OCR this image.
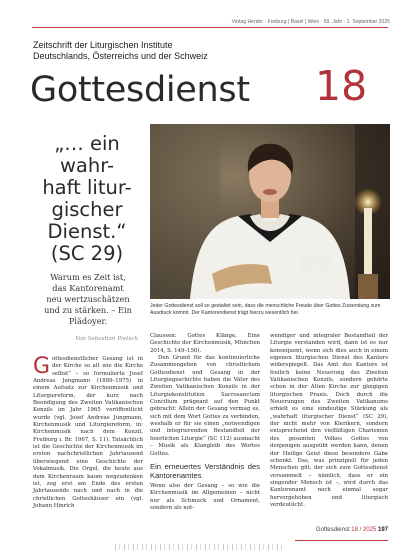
Verlag Herder · Freiburg | Basel | Wien · 59. Jahr · 1. September 2025
Zeitschrift der Liturgischen Institute
Deutschlands, Österreichs und der Schweiz
Gottesdienst 18
„… ein
wahr-
haft litur-
gischer
Dienst.“
(SC 29)
Warum es Zeit ist,
das Kantorenamt
neu wertzuschätzen
und zu stärken. – Ein
Plädoyer.
Von Sebastian Pietsch
Jeder Gottesdienst soll so gestaltet sein, dass die menschliche Freude über Gottes Zuwendung zum Ausdruck kommt. Der Kantorendienst trägt hierzu wesentlich bei.
G ottesdienstlicher Gesang ist in der Kirche so alt wie die Kirche selbst“ – so formulierte Josef Andreas Jungmann (1889–1975) in einem Aufsatz zur Kirchenmusik und Liturgiereform, der kurz nach Beendigung des Zweiten Vatikanischen Konzils im Jahr 1965 veröffentlicht wurde (vgl. Josef Andreas Jungmann, Kirchenmusik und Liturgiereform, in: Kirchenmusik nach dem Konzil, Freiburg i. Br. 1967, S. 11). Tatsächlich ist die Geschichte der Kirchenmusik im ersten nachchristlichen Jahrtausend überwiegend eine Geschichte der Vokalmusik. Die Orgel, die heute aus dem Kirchenraum kaum wegzudenken ist, zog erst am Ende des ersten Jahrtausends nach und nach in die christlichen Gotteshäuser ein (vgl. Johann Hinrich

Claussen: Gottes Klänge. Eine Geschichte der Kirchenmusik, München 2014, S. 149–156).

Den Grund für das kontinuierliche Zusammengehen von christlichem Gottesdienst und Gesang in der Liturgiegeschichte haben die Väter des Zweiten Vatikanischen Konzils in der Liturgiekonstitution Sacrosanctum Concilium prägnant auf den Punkt gebracht: Allein der Gesang vermag es, sich mit dem Wort Gottes zu verbinden, weshalb er für sie einen „notwendigen und integrierenden Bestandteil der feierlichen Liturgie“ (SC 112) ausmacht – Musik als Klangleib des Wortes Gottes.

Ein erneuertes Verständnis des Kantorenamtes

Wenn also der Gesang – so wie die Kirchenmusik im Allgemeinen – nicht nur als Schmuck und Ornament, sondern als not-

wendiger und integraler Bestandteil der Liturgie verstanden wird, dann ist es nur konsequent, wenn sich dies auch in einem eigenen liturgischen Dienst des Kantors widerspiegelt. Das Amt des Kantors ist freilich keine Neuerung des Zweiten Vatikanischen Konzils, sondern gehörte schon in der Alten Kirche zur gängigen liturgischen Praxis. Doch durch die Neuerungen des Zweiten Vatikanums erhielt es eine eindeutige Stärkung als „wahrhaft liturgischer Dienst“ (SC 29), der nicht mehr von Klerikern, sondern entsprechend den vielfältigen Charismen des gesamten Volkes Gottes von denjenigen ausgeübt werden kann, denen der Heilige Geist diese besondere Gabe schenkt. Das, was prinzipiell für jeden Menschen gilt, der sich zum Gottesdienst versammelt – nämlich, dass er ein singender Mensch ist –, wird durch das Kantorenamt noch einmal sogar hervorgehoben und liturgisch verdeutlicht.

Gottesdienst 18 / 2025 197
